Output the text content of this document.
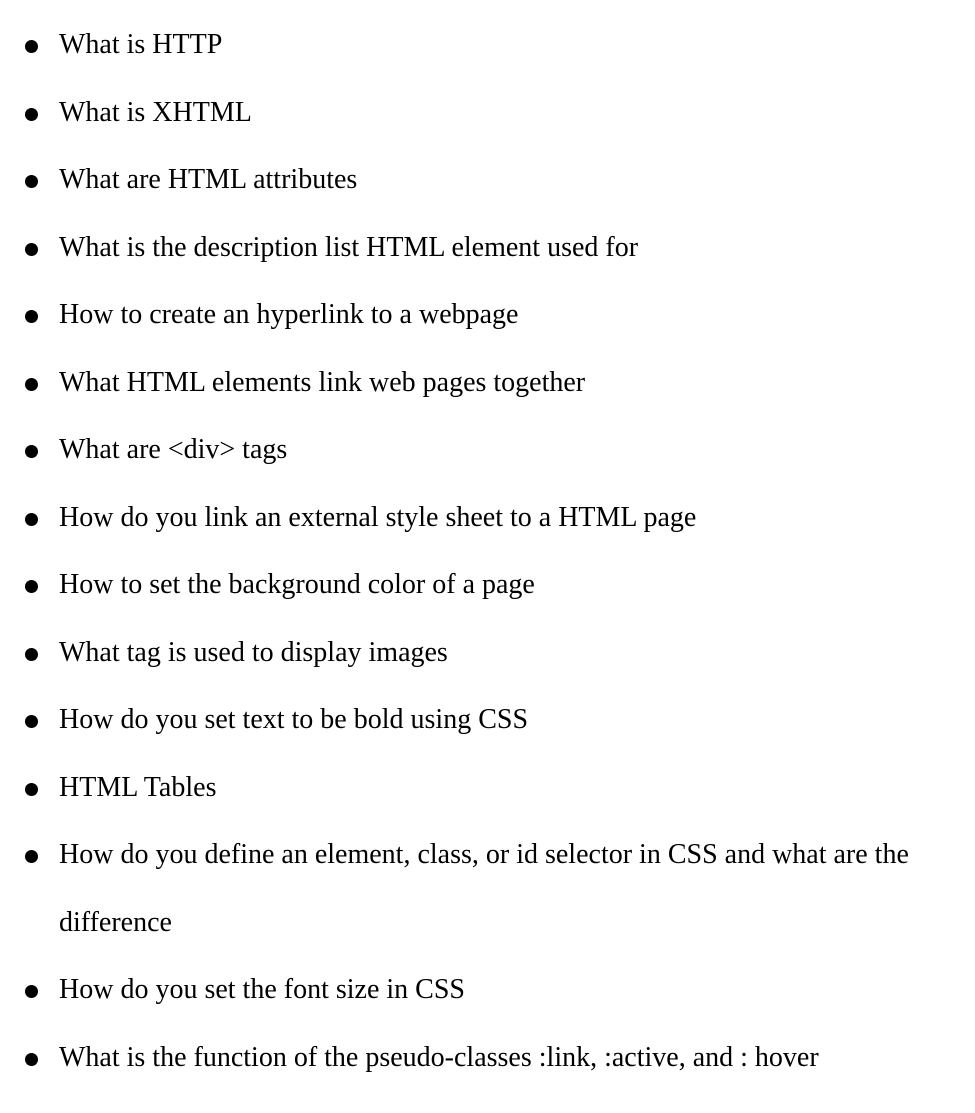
What is HTTP
What is XHTML
What are HTML attributes
What is the description list HTML element used for
How to create an hyperlink to a webpage
What HTML elements link web pages together
What are <div> tags
How do you link an external style sheet to a HTML page
How to set the background color of a page
What tag is used to display images
How do you set text to be bold using CSS
HTML Tables
How do you define an element, class, or id selector in CSS and what are the difference
How do you set the font size in CSS
What is the function of the pseudo-classes :link, :active, and : hover
